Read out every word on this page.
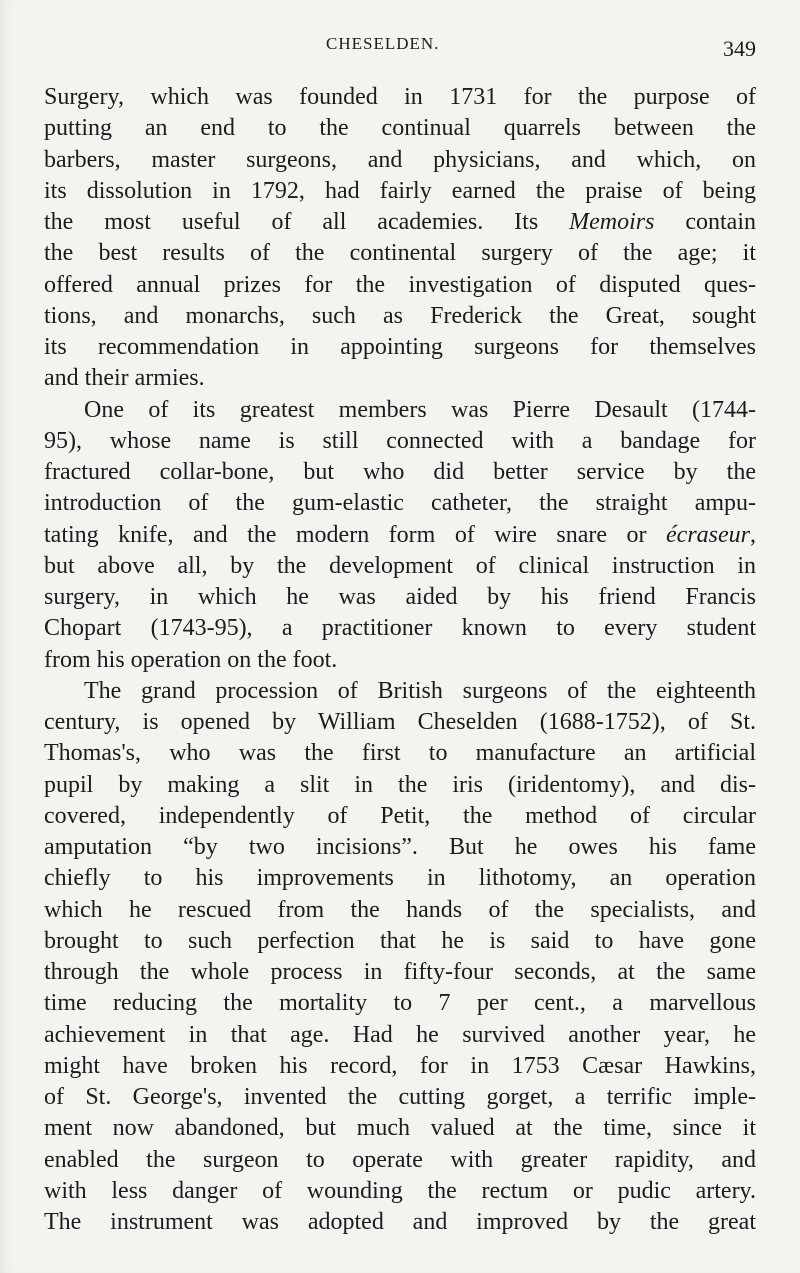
CHESELDEN.	349
Surgery, which was founded in 1731 for the purpose of
putting an end to the continual quarrels between the
barbers, master surgeons, and physicians, and which, on
its dissolution in 1792, had fairly earned the praise of being
the most useful of all academies. Its Memoirs contain
the best results of the continental surgery of the age; it
offered annual prizes for the investigation of disputed ques-
tions, and monarchs, such as Frederick the Great, sought
its recommendation in appointing surgeons for themselves
and their armies.
One of its greatest members was Pierre Desault (1744-
95), whose name is still connected with a bandage for
fractured collar-bone, but who did better service by the
introduction of the gum-elastic catheter, the straight ampu-
tating knife, and the modern form of wire snare or écraseur,
but above all, by the development of clinical instruction in
surgery, in which he was aided by his friend Francis
Chopart (1743-95), a practitioner known to every student
from his operation on the foot.
The grand procession of British surgeons of the eighteenth
century, is opened by William Cheselden (1688-1752), of St.
Thomas's, who was the first to manufacture an artificial
pupil by making a slit in the iris (iridentomy), and dis-
covered, independently of Petit, the method of circular
amputation “by two incisions”. But he owes his fame
chiefly to his improvements in lithotomy, an operation
which he rescued from the hands of the specialists, and
brought to such perfection that he is said to have gone
through the whole process in fifty-four seconds, at the same
time reducing the mortality to 7 per cent., a marvellous
achievement in that age. Had he survived another year, he
might have broken his record, for in 1753 Cæsar Hawkins,
of St. George's, invented the cutting gorget, a terrific imple-
ment now abandoned, but much valued at the time, since it
enabled the surgeon to operate with greater rapidity, and
with less danger of wounding the rectum or pudic artery.
The instrument was adopted and improved by the great
